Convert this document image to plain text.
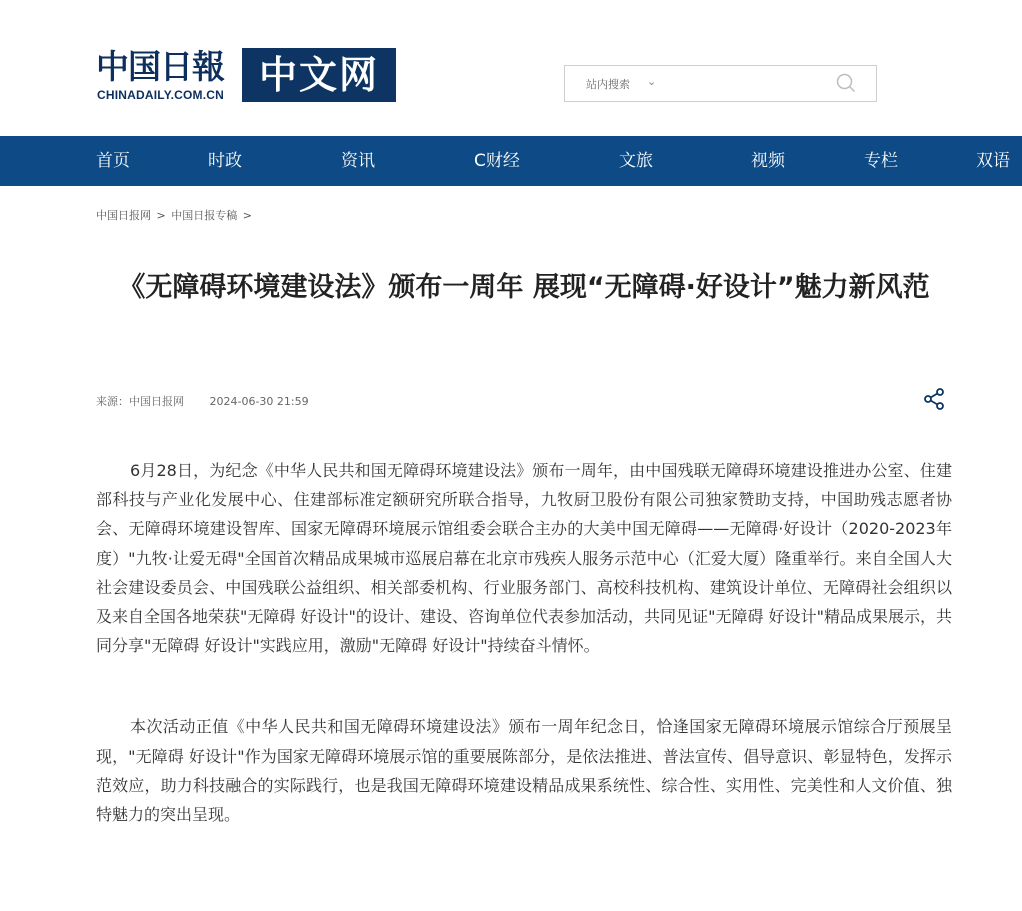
中国日報
CHINADAILY.COM.CN 中文网	站内搜索 ⌄
首页	时政	资讯	C财经	文旅	视频	专栏	双语
中国日报网 > 中国日报专稿 >
《无障碍环境建设法》颁布一周年 展现“无障碍·好设计”魅力新风范
来源：中国日报网 2024-06-30 21:59

6月28日，为纪念《中华人民共和国无障碍环境建设法》颁布一周年，由中国残联无障碍环境建设推进办公室、住建部科技与产业化发展中心、住建部标准定额研究所联合指导，九牧厨卫股份有限公司独家赞助支持，中国助残志愿者协会、无障碍环境建设智库、国家无障碍环境展示馆组委会联合主办的大美中国无障碍——无障碍·好设计（2020-2023年度）"九牧·让爱无碍"全国首次精品成果城市巡展启幕在北京市残疾人服务示范中心（汇爱大厦）隆重举行。来自全国人大社会建设委员会、中国残联公益组织、相关部委机构、行业服务部门、高校科技机构、建筑设计单位、无障碍社会组织以及来自全国各地荣获"无障碍 好设计"的设计、建设、咨询单位代表参加活动，共同见证"无障碍 好设计"精品成果展示，共同分享"无障碍 好设计"实践应用，激励"无障碍 好设计"持续奋斗情怀。

本次活动正值《中华人民共和国无障碍环境建设法》颁布一周年纪念日，恰逢国家无障碍环境展示馆综合厅预展呈现，"无障碍 好设计"作为国家无障碍环境展示馆的重要展陈部分，是依法推进、普法宣传、倡导意识、彰显特色，发挥示范效应，助力科技融合的实际践行，也是我国无障碍环境建设精品成果系统性、综合性、实用性、完美性和人文价值、独特魅力的突出呈现。
